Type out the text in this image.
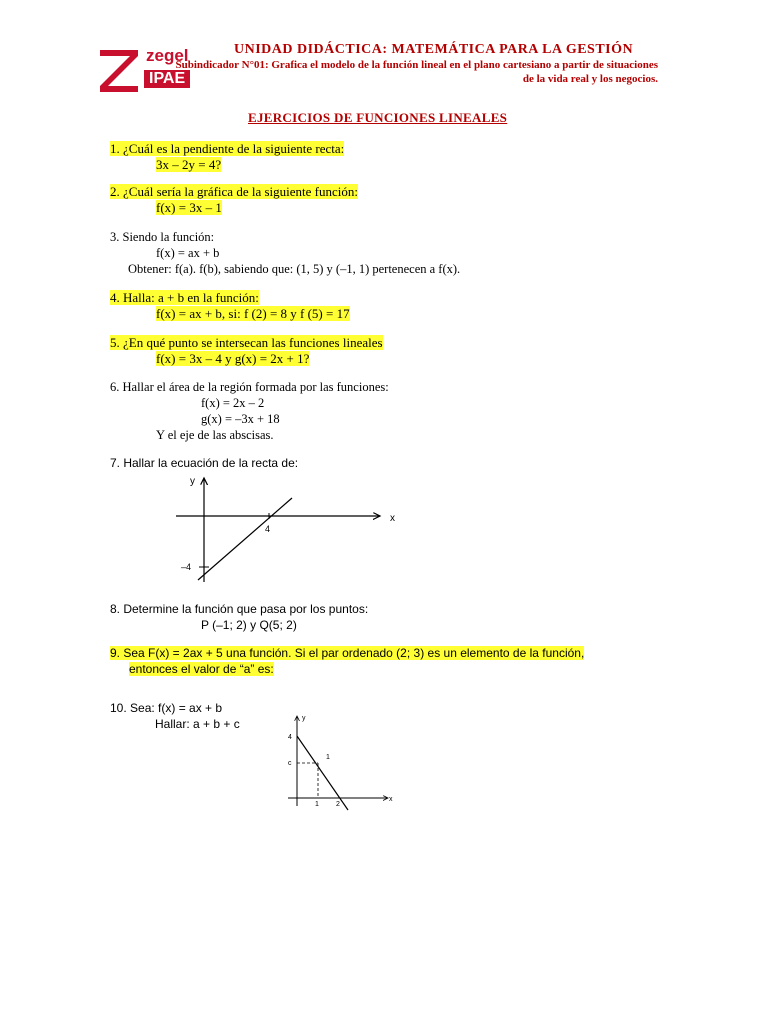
zegel
IPAE
UNIDAD DIDÁCTICA: MATEMÁTICA PARA LA GESTIÓN
Subindicador N°01: Grafica el modelo de la función lineal en el plano cartesiano a partir de situaciones
de la vida real y los negocios.
EJERCICIOS DE FUNCIONES LINEALES
1. ¿Cuál es la pendiente de la siguiente recta:
3x – 2y = 4?
2. ¿Cuál sería la gráfica de la siguiente función:
f(x) = 3x – 1
3. Siendo la función:
f(x) = ax + b
Obtener: f(a). f(b), sabiendo que: (1, 5) y (–1, 1) pertenecen a f(x).
4. Halla: a + b en la función:
f(x) = ax + b, si: f (2) = 8 y f (5) = 17
5. ¿En qué punto se intersecan las funciones lineales
f(x) = 3x – 4 y g(x) = 2x + 1?
6. Hallar el área de la región formada por las funciones:
f(x) = 2x – 2
g(x) = –3x + 18
Y el eje de las abscisas.
7. Hallar la ecuación de la recta de:
y
x
4
–4
8. Determine la función que pasa por los puntos:
P (–1; 2) y Q(5; 2)
9. Sea F(x) = 2ax + 5 una función. Si el par ordenado (2; 3) es un elemento de la función,
entonces el valor de “a” es:
10. Sea: f(x) = ax + b
Hallar: a + b + c	y
x
4
c
1
1 2
